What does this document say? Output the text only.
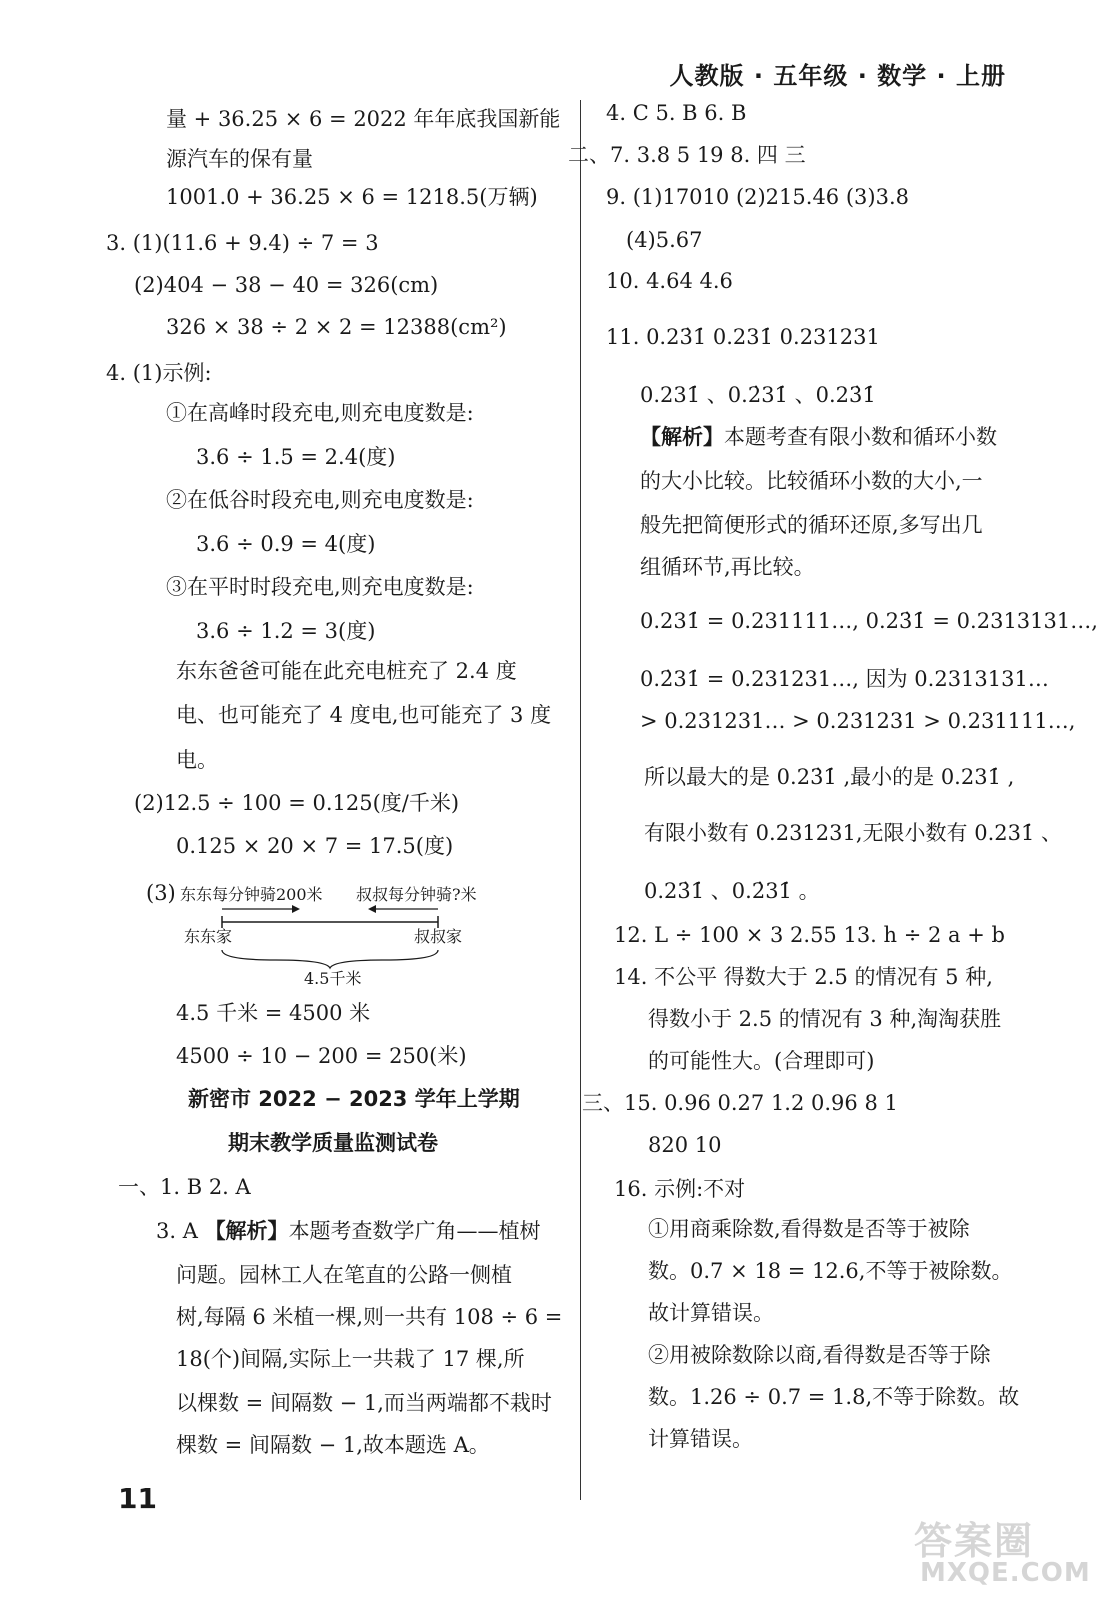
人教版 · 五年级 · 数学 · 上册
量 + 36.25 × 6 = 2022 年年底我国新能
源汽车的保有量
1001.0 + 36.25 × 6 = 1218.5(万辆)
3. (1)(11.6 + 9.4) ÷ 7 = 3
(2)404 − 38 − 40 = 326(cm)
326 × 38 ÷ 2 × 2 = 12388(cm²)
4. (1)示例:
①在高峰时段充电,则充电度数是:
3.6 ÷ 1.5 = 2.4(度)
②在低谷时段充电,则充电度数是:
3.6 ÷ 0.9 = 4(度)
③在平时时段充电,则充电度数是:
3.6 ÷ 1.2 = 3(度)
东东爸爸可能在此充电桩充了 2.4 度
电、也可能充了 4 度电,也可能充了 3 度
电。
(2)12.5 ÷ 100 = 0.125(度/千米)
0.125 × 20 × 7 = 17.5(度)
(3) 东东每分钟骑200米 叔叔每分钟骑?米
东东家	叔叔家
4.5千米
4.5 千米 = 4500 米
4500 ÷ 10 − 200 = 250(米)
新密市 2022 − 2023 学年上学期
期末教学质量监测试卷
一、1. B 2. A
3. A 【解析】本题考查数学广角——植树
问题。园林工人在笔直的公路一侧植
树,每隔 6 米植一棵,则一共有 108 ÷ 6 =
18(个)间隔,实际上一共栽了 17 棵,所
以棵数 = 间隔数 − 1,而当两端都不栽时
棵数 = 间隔数 − 1,故本题选 A。
4. C 5. B 6. B
二、7. 3.8 5 19 8. 四 三
9. (1)17010 (2)215.46 (3)3.8
(4)5.67
10. 4.64 4.6
11. 0.23̇1̇ 0.231̇ 0.231231
0.231̇ 、0.2̇31̇ 、0.23̇1̇
【解析】本题考查有限小数和循环小数
的大小比较。比较循环小数的大小,一
般先把简便形式的循环还原,多写出几
组循环节,再比较。
0.231̇ = 0.231111…, 0.23̇1̇ = 0.2313131…,
0.2̇31̇ = 0.231231…, 因为 0.2313131…
> 0.231231… > 0.231231 > 0.231111…,
所以最大的是 0.23̇1̇ ,最小的是 0.231̇ ,
有限小数有 0.231231,无限小数有 0.231̇ 、
0.23̇1̇ 、0.2̇31̇ 。
12. L ÷ 100 × 3 2.55 13. h ÷ 2 a + b
14. 不公平 得数大于 2.5 的情况有 5 种,
得数小于 2.5 的情况有 3 种,淘淘获胜
的可能性大。(合理即可)
三、15. 0.96 0.27 1.2 0.96 8 1
820 10
16. 示例:不对
①用商乘除数,看得数是否等于被除
数。0.7 × 18 = 12.6,不等于被除数。
故计算错误。
②用被除数除以商,看得数是否等于除
数。1.26 ÷ 0.7 = 1.8,不等于除数。故
计算错误。
11
答案圈
MXQE.COM
